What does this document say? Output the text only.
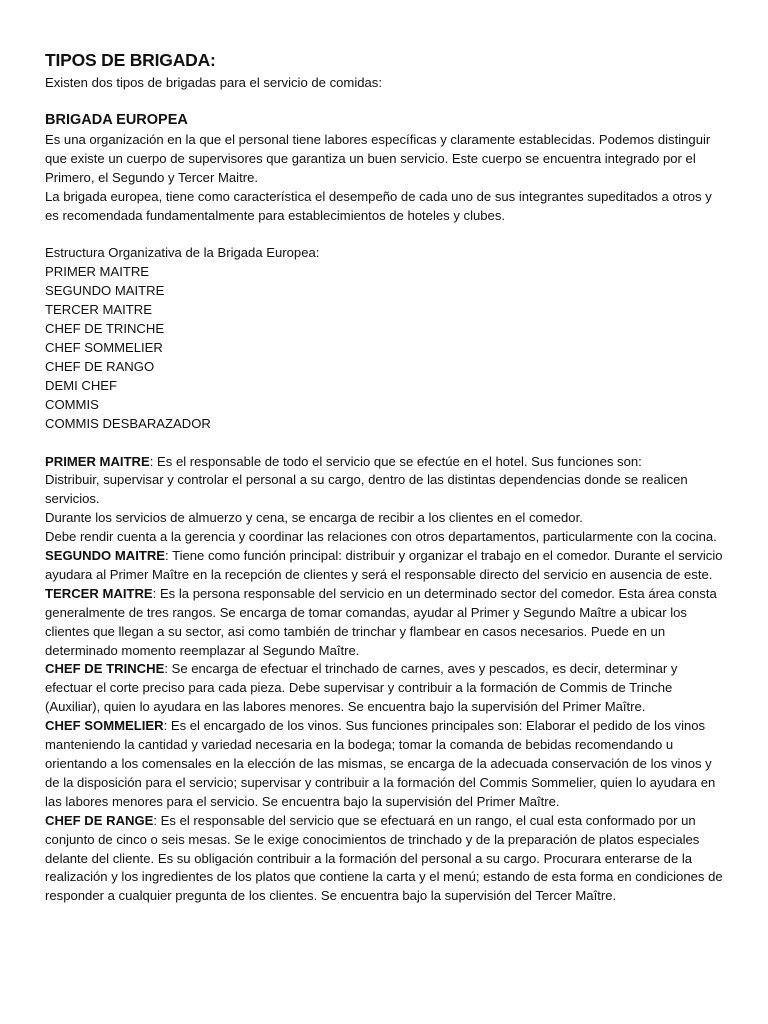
TIPOS DE BRIGADA:

Existen dos tipos de brigadas para el servicio de comidas:

BRIGADA EUROPEA

Es una organización en la que el personal tiene labores específicas y claramente establecidas. Podemos distinguir que existe un cuerpo de supervisores que garantiza un buen servicio. Este cuerpo se encuentra integrado por el Primero, el Segundo y Tercer Maitre.

La brigada europea, tiene como característica el desempeño de cada uno de sus integrantes supeditados a otros y es recomendada fundamentalmente para establecimientos de hoteles y clubes.

Estructura Organizativa de la Brigada Europea:

PRIMER MAITRE
SEGUNDO MAITRE
TERCER MAITRE
CHEF DE TRINCHE
CHEF SOMMELIER
CHEF DE RANGO
DEMI CHEF
COMMIS
COMMIS DESBARAZADOR

PRIMER MAITRE: Es el responsable de todo el servicio que se efectúe en el hotel. Sus funciones son:

Distribuir, supervisar y controlar el personal a su cargo, dentro de las distintas dependencias donde se realicen servicios.

Durante los servicios de almuerzo y cena, se encarga de recibir a los clientes en el comedor.

Debe rendir cuenta a la gerencia y coordinar las relaciones con otros departamentos, particularmente con la cocina.

SEGUNDO MAITRE: Tiene como función principal: distribuir y organizar el trabajo en el comedor. Durante el servicio ayudara al Primer Maître en la recepción de clientes y será el responsable directo del servicio en ausencia de este.

TERCER MAITRE: Es la persona responsable del servicio en un determinado sector del comedor. Esta área consta generalmente de tres rangos. Se encarga de tomar comandas, ayudar al Primer y Segundo Maître a ubicar los clientes que llegan a su sector, asi como también de trinchar y flambear en casos necesarios. Puede en un determinado momento reemplazar al Segundo Maître.

CHEF DE TRINCHE: Se encarga de efectuar el trinchado de carnes, aves y pescados, es decir, determinar y efectuar el corte preciso para cada pieza. Debe supervisar y contribuir a la formación de Commis de Trinche (Auxiliar), quien lo ayudara en las labores menores. Se encuentra bajo la supervisión del Primer Maître.

CHEF SOMMELIER: Es el encargado de los vinos. Sus funciones principales son: Elaborar el pedido de los vinos manteniendo la cantidad y variedad necesaria en la bodega; tomar la comanda de bebidas recomendando u orientando a los comensales en la elección de las mismas, se encarga de la adecuada conservación de los vinos y de la disposición para el servicio; supervisar y contribuir a la formación del Commis Sommelier, quien lo ayudara en las labores menores para el servicio. Se encuentra bajo la supervisión del Primer Maître.

CHEF DE RANGE: Es el responsable del servicio que se efectuará en un rango, el cual esta conformado por un conjunto de cinco o seis mesas. Se le exige conocimientos de trinchado y de la preparación de platos especiales delante del cliente. Es su obligación contribuir a la formación del personal a su cargo. Procurara enterarse de la realización y los ingredientes de los platos que contiene la carta y el menú; estando de esta forma en condiciones de responder a cualquier pregunta de los clientes. Se encuentra bajo la supervisión del Tercer Maître.
